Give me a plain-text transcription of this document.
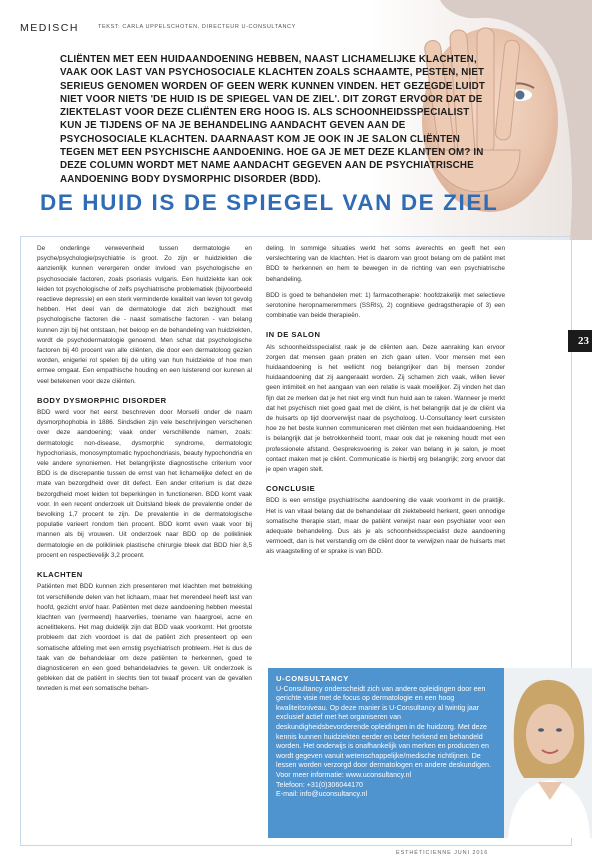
MEDISCH	TEKST: CARLA UPPELSCHOTEN, DIRECTEUR U-CONSULTANCY
CLIËNTEN MET EEN HUIDAANDOENING HEBBEN, NAAST LICHAMELIJKE KLACHTEN, VAAK OOK LAST VAN PSYCHOSOCIALE KLACHTEN ZOALS SCHAAMTE, PESTEN, NIET SERIEUS GENOMEN WORDEN OF GEEN WERK KUNNEN VINDEN. HET GEZEGDE LUIDT NIET VOOR NIETS 'DE HUID IS DE SPIEGEL VAN DE ZIEL'. DIT ZORGT ERVOOR DAT DE ZIEKTELAST VOOR DEZE CLIËNTEN ERG HOOG IS. ALS SCHOONHEIDSSPECIALIST KUN JE TIJDENS OF NA JE BEHANDELING AANDACHT GEVEN AAN DE PSYCHOSOCIALE KLACHTEN. DAARNAAST KOM JE OOK IN JE SALON CLIËNTEN TEGEN MET EEN PSYCHISCHE AANDOENING. HOE GA JE MET DEZE KLANTEN OM? IN DEZE COLUMN WORDT MET NAME AANDACHT GEGEVEN AAN DE PSYCHIATRISCHE AANDOENING BODY DYSMORPHIC DISORDER (BDD).
DE HUID IS DE SPIEGEL VAN DE ZIEL

De onderlinge verwevenheid tussen dermatologie en psyche/psychologie/psychiatrie is groot. Zo zijn er huidziekten die aanzienlijk kunnen verergeren onder invloed van psychologische en psychosociale factoren, zoals psoriasis vulgaris. Een huidziekte kan ook leiden tot psychologische of zelfs psychiatrische problematiek (bijvoorbeeld reactieve depressie) en een sterk verminderde kwaliteit van leven tot gevolg hebben. Het deel van de dermatologie dat zich bezighoudt met psychologische factoren die - naast somatische factoren - van belang kunnen zijn bij het ontstaan, het beloop en de behandeling van huidziekten, wordt de psychodermatologie genoemd. Men schat dat psychologische factoren bij 40 procent van alle cliënten, die door een dermatoloog gezien worden, enigerlei rol spelen bij de uiting van hun huidziekte of hoe men ermee omgaat. Een empathische houding en een luisterend oor kunnen al veel betekenen voor deze cliënten.

BODY DYSMORPHIC DISORDER

BDD werd voor het eerst beschreven door Morselli onder de naam dysmorphophobia in 1886. Sindsdien zijn vele beschrijvingen verschenen over deze aandoening; vaak onder verschillende namen, zoals: dermatologic non-disease, dysmorphic syndrome, dermatologic hypochoriasis, monosymptomatic hypochondriasis, beauty hypochondria en vele andere synoniemen. Het belangrijkste diagnostische criterium voor BDD is de discrepantie tussen de ernst van het lichamelijke defect en de mate van bezorgdheid over dit defect. Een ander criterium is dat deze bezorgdheid moet leiden tot beperkingen in functioneren. BDD komt vaak voor. In een recent onderzoek uit Duitsland bleek de prevalentie onder de bevolking 1,7 procent te zijn. De prevalentie in de dermatologische populatie varieert rondom tien procent. BDD komt even vaak voor bij mannen als bij vrouwen. Uit onderzoek naar BDD op de polikliniek dermatologie en de polikliniek plastische chirurgie bleek dat BDD hier 8,5 procent en respectievelijk 3,2 procent.

KLACHTEN

Patiënten met BDD kunnen zich presenteren met klachten met betrekking tot verschillende delen van het lichaam, maar het merendeel heeft last van hoofd, gezicht en/of haar. Patiënten met deze aandoening hebben meestal klachten van (vermeend) haarverlies, toename van haargroei, acne en acnelittekens. Het mag duidelijk zijn dat BDD vaak voorkomt. Het grootste probleem dat zich voordoet is dat de patiënt zich presenteert op een somatische afdeling met een ernstig psychiatrisch probleem. Het is dus de taak van de behandelaar om deze patiënten te herkennen, goed te diagnosticeren en een goed behandeladvies te geven. Uit onderzoek is gebleken dat de patiënt in slechts tien tot twaalf procent van de gevallen tevreden is met een somatische behan-

deling. In sommige situaties werkt het soms averechts en geeft het een verslechtering van de klachten. Het is daarom van groot belang om de patiënt met BDD te herkennen en hem te bewegen in de richting van een psychiatrische behandeling.

BDD is goed te behandelen met: 1) farmacotherapie: hoofdzakelijk met selectieve serotonine heropnameremmers (SSRIs), 2) cognitieve gedragstherapie of 3) een combinatie van beide therapieën.

IN DE SALON

Als schoonheidsspecialist raak je de cliënten aan. Deze aanraking kan ervoor zorgen dat mensen gaan praten en zich gaan uiten. Voor mensen met een huidaandoening is het wellicht nog belangrijker dan bij mensen zonder huidaandoening dat zij aangeraakt worden. Zij schamen zich vaak, willen liever geen intimiteit en het aangaan van een relatie is vaak moeilijker. Zij vinden het dan fijn dat ze merken dat je het niet erg vindt hun huid aan te raken. Wanneer je merkt dat het psychisch niet goed gaat met de cliënt, is het belangrijk dat je de cliënt via de huisarts op tijd doorverwijst naar de psycholoog. U-Consultancy leert cursisten hoe ze het beste kunnen communiceren met cliënten met een huidaandoening. Het is belangrijk dat je betrokkenheid toont, maar ook dat je rekening houdt met een professionele afstand. Gespreksvoering is zeker van belang in je salon, je moet contact maken met je cliënt. Communicatie is hierbij erg belangrijk; zorg ervoor dat je open vragen stelt.

CONCLUSIE

BDD is een ernstige psychiatrische aandoening die vaak voorkomt in de praktijk. Het is van vitaal belang dat de behandelaar dit ziektebeeld herkent, geen onnodige somatische therapie start, maar de patiënt verwijst naar een psychiater voor een adequate behandeling. Dus als je als schoonheidsspecialist deze aandoening vermoedt, dan is het verstandig om de cliënt door te verwijzen naar de huisarts met als vraagstelling of er sprake is van BDD.

23
U-CONSULTANCY
U-Consultancy onderscheidt zich van andere opleidingen door een gerichte visie met de focus op dermatologie en een hoog kwaliteitsniveau. Op deze manier is U-Consultancy al twintig jaar exclusief actief met het organiseren van deskundigheidsbevorderende opleidingen in de huidzorg. Met deze kennis kunnen huidziekten eerder en beter herkend en behandeld worden. Het onderwijs is onafhankelijk van merken en producten en wordt gegeven vanuit wetenschappelijke/medische richtlijnen. De lessen worden verzorgd door dermatologen en andere deskundigen.
Voor meer informatie: www.uconsultancy.nl
Telefoon: +31(0)306044170
E-mail: info@uconsultancy.nl
ESTHÉTICIENNE JUNI 2016
